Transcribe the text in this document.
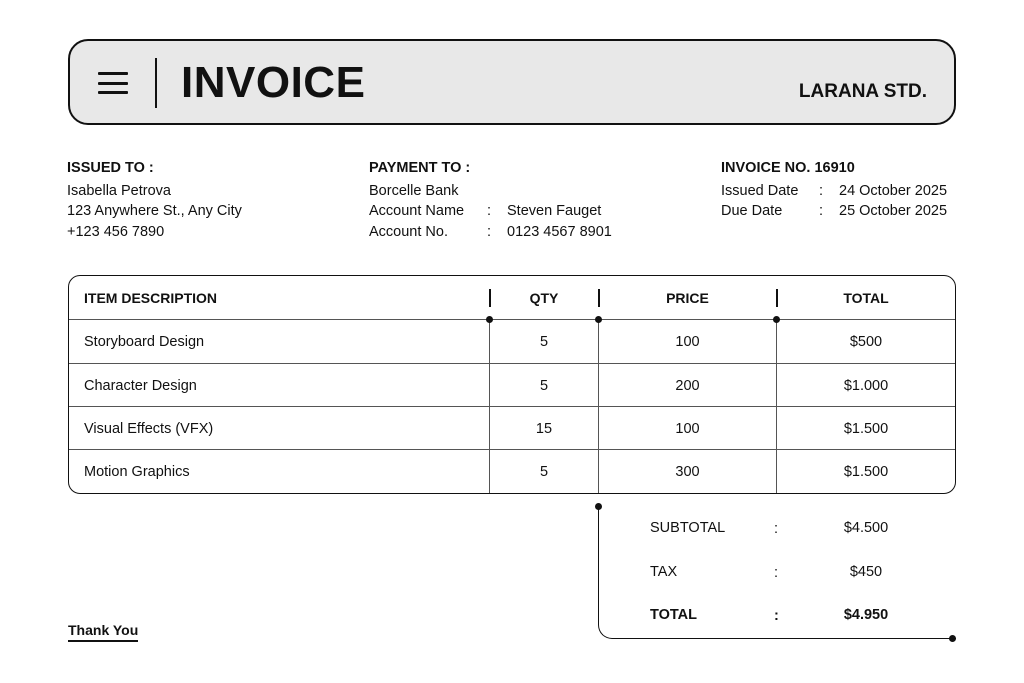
INVOICE	LARANA STD.
ISSUED TO :
Isabella Petrova
123 Anywhere St., Any City
+123 456 7890
PAYMENT TO :
Borcelle Bank
Account Name	:	Steven Fauget
Account No.	:	0123 4567 8901
INVOICE NO. 16910
Issued Date	:	24 October 2025
Due Date	:	25 October 2025
ITEM DESCRIPTION	QTY	PRICE	TOTAL
Storyboard Design	5	100	$500
Character Design	5	200	$1.000
Visual Effects (VFX)	15	100	$1.500
Motion Graphics	5	300	$1.500
SUBTOTAL	:	$4.500
TAX	:	$450
TOTAL	:	$4.950
Thank You
